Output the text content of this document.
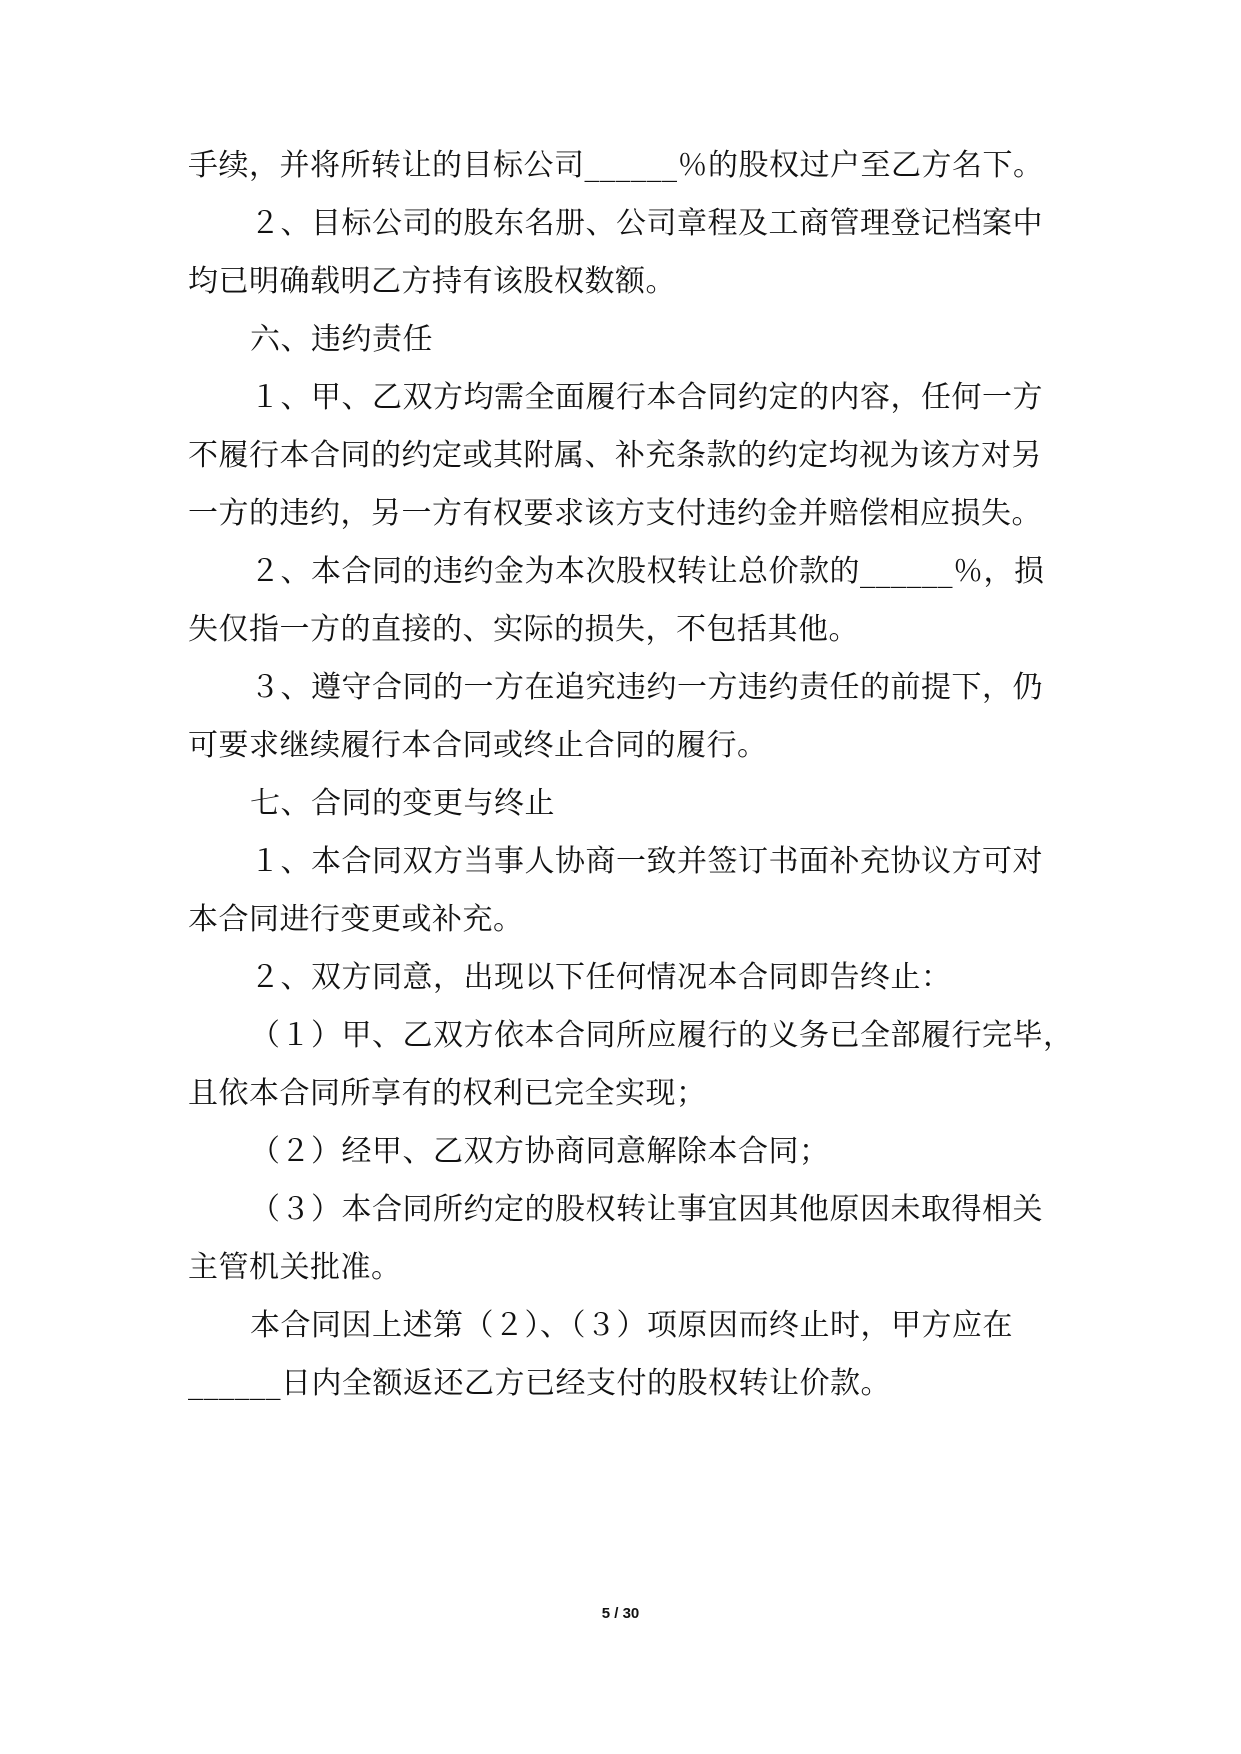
手续，并将所转让的目标公司______％的股权过户至乙方名下。
２、目标公司的股东名册、公司章程及工商管理登记档案中
均已明确载明乙方持有该股权数额。
六、违约责任
１、甲、乙双方均需全面履行本合同约定的内容，任何一方
不履行本合同的约定或其附属、补充条款的约定均视为该方对另
一方的违约，另一方有权要求该方支付违约金并赔偿相应损失。
２、本合同的违约金为本次股权转让总价款的______％，损
失仅指一方的直接的、实际的损失，不包括其他。
３、遵守合同的一方在追究违约一方违约责任的前提下，仍
可要求继续履行本合同或终止合同的履行。
七、合同的变更与终止
１、本合同双方当事人协商一致并签订书面补充协议方可对
本合同进行变更或补充。
２、双方同意，出现以下任何情况本合同即告终止：
（１）甲、乙双方依本合同所应履行的义务已全部履行完毕，
且依本合同所享有的权利已完全实现；
（２）经甲、乙双方协商同意解除本合同；
（３）本合同所约定的股权转让事宜因其他原因未取得相关
主管机关批准。
本合同因上述第（２）、（３）项原因而终止时，甲方应在
______日内全额返还乙方已经支付的股权转让价款。
5 / 30
